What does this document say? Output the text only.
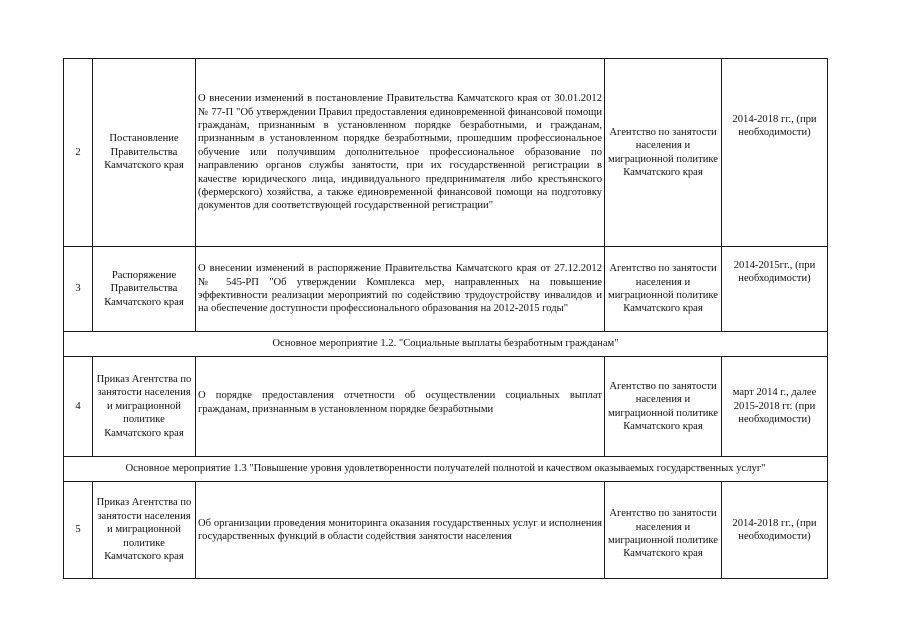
2	Постановление Правительства Камчатского края	О внесении изменений в постановление Правительства Камчатского края от 30.01.2012 № 77-П "Об утверждении Правил предоставления единовременной финансовой помощи гражданам, признанным в установленном порядке безработными, и гражданам, признанным в установленном порядке безработными, прошедшим профессиональное обучение или получившим дополнительное профессиональное образование по направлению органов службы занятости, при их государственной регистрации в качестве юридического лица, индивидуального предпринимателя либо крестьянского (фермерского) хозяйства, а также единовременной финансовой помощи на подготовку документов для соответствующей государственной регистрации"	Агентство по занятости населения и миграционной политике Камчатского края	2014-2018 гг., (при необходимости)

3	Распоряжение Правительства Камчатского края	О внесении изменений в распоряжение Правительства Камчатского края от 27.12.2012 № 545-РП "Об утверждении Комплекса мер, направленных на повышение эффективности реализации мероприятий по содействию трудоустройству инвалидов и на обеспечение доступности профессионального образования на 2012-2015 годы"	Агентство по занятости населения и миграционной политике Камчатского края	2014-2015гг., (при необходимости)

Основное мероприятие 1.2. "Социальные выплаты безработным гражданам"				
4	Приказ Агентства по занятости населения и миграционной политике Камчатского края	О порядке предоставления отчетности об осуществлении социальных выплат гражданам, признанным в установленном порядке безработными	Агентство по занятости населения и миграционной политике Камчатского края	март 2014 г., далее 2015-2018 гг. (при необходимости)
Основное мероприятие 1.3 "Повышение уровня удовлетворенности получателей полнотой и качеством оказываемых государственных услуг"				
5	Приказ Агентства по занятости населения и миграционной политике Камчатского края	Об организации проведения мониторинга оказания государственных услуг и исполнения государственных функций в области содействия занятости населения	Агентство по занятости населения и миграционной политике Камчатского края	2014-2018 гг., (при необходимости)
